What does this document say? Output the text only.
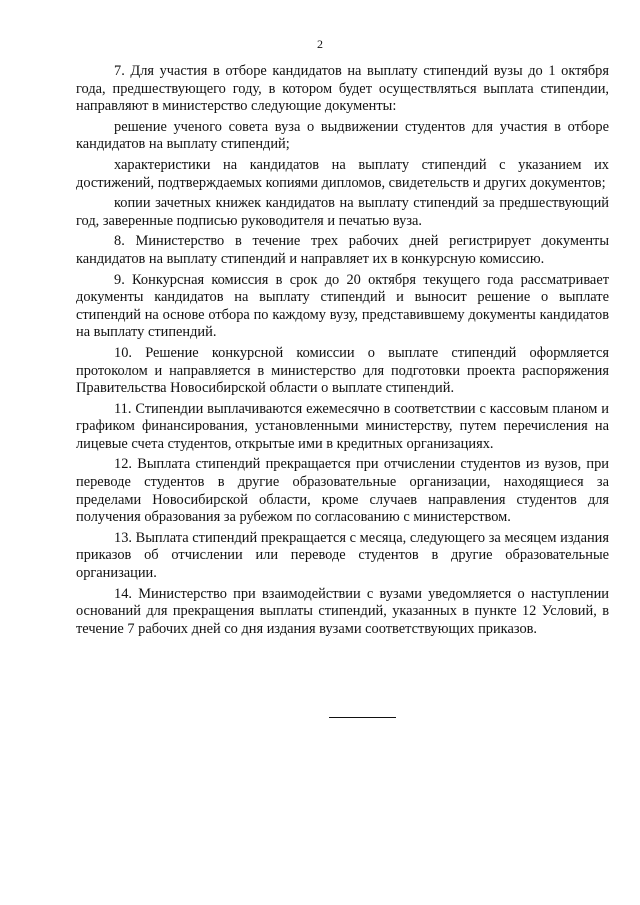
2

7. Для участия в отборе кандидатов на выплату стипендий вузы до 1 октября года, предшествующего году, в котором будет осуществляться выплата стипендии, направляют в министерство следующие документы:

решение ученого совета вуза о выдвижении студентов для участия в отборе кандидатов на выплату стипендий;

характеристики на кандидатов на выплату стипендий с указанием их достижений, подтверждаемых копиями дипломов, свидетельств и других документов;

копии зачетных книжек кандидатов на выплату стипендий за предшествующий год, заверенные подписью руководителя и печатью вуза.

8. Министерство в течение трех рабочих дней регистрирует документы кандидатов на выплату стипендий и направляет их в конкурсную комиссию.

9. Конкурсная комиссия в срок до 20 октября текущего года рассматривает документы кандидатов на выплату стипендий и выносит решение о выплате стипендий на основе отбора по каждому вузу, представившему документы кандидатов на выплату стипендий.

10. Решение конкурсной комиссии о выплате стипендий оформляется протоколом и направляется в министерство для подготовки проекта распоряжения Правительства Новосибирской области о выплате стипендий.

11. Стипендии выплачиваются ежемесячно в соответствии с кассовым планом и графиком финансирования, установленными министерству, путем перечисления на лицевые счета студентов, открытые ими в кредитных организациях.

12. Выплата стипендий прекращается при отчислении студентов из вузов, при переводе студентов в другие образовательные организации, находящиеся за пределами Новосибирской области, кроме случаев направления студентов для получения образования за рубежом по согласованию с министерством.

13. Выплата стипендий прекращается с месяца, следующего за месяцем издания приказов об отчислении или переводе студентов в другие образовательные организации.

14. Министерство при взаимодействии с вузами уведомляется о наступлении оснований для прекращения выплаты стипендий, указанных в пункте 12 Условий, в течение 7 рабочих дней со дня издания вузами соответствующих приказов.
